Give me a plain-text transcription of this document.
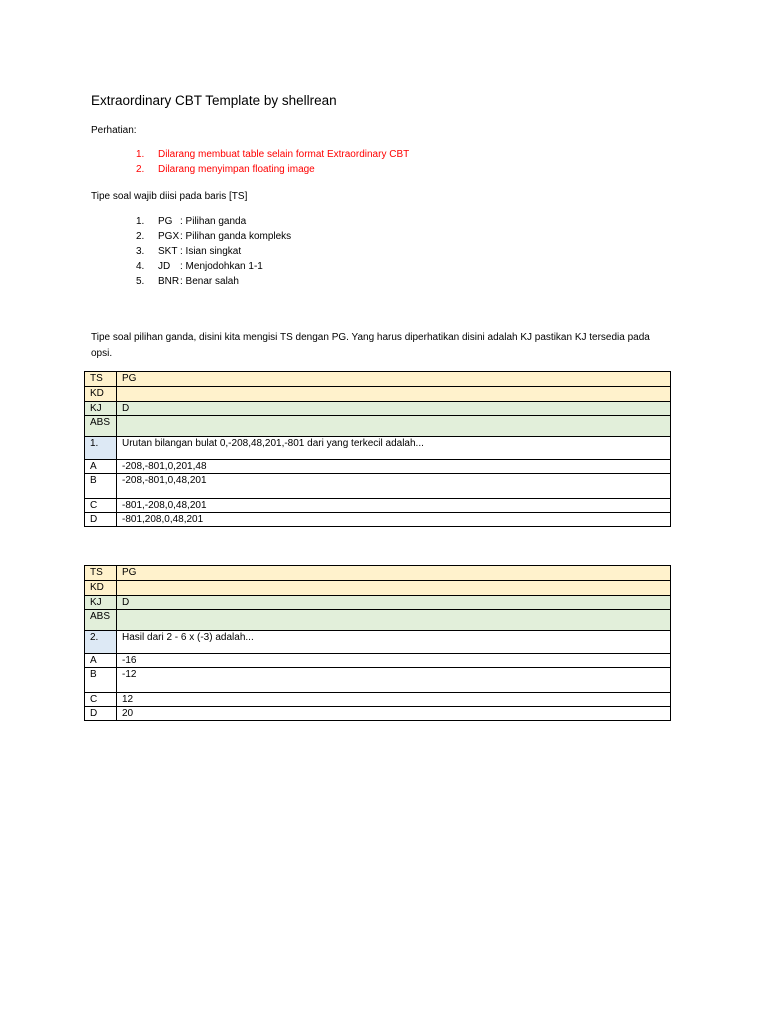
Extraordinary CBT Template by shellrean
Perhatian:
1. Dilarang membuat table selain format Extraordinary CBT
2. Dilarang menyimpan floating image
Tipe soal wajib diisi pada baris [TS]
1. PG : Pilihan ganda
2. PGX : Pilihan ganda kompleks
3. SKT : Isian singkat
4. JD : Menjodohkan 1-1
5. BNR : Benar salah
Tipe soal pilihan ganda, disini kita mengisi TS dengan PG. Yang harus diperhatikan disini adalah KJ pastikan KJ tersedia pada opsi.
TS	PG
KD	
KJ	D
ABS	
1.	Urutan bilangan bulat 0,-208,48,201,-801 dari yang terkecil adalah...
A	-208,-801,0,201,48
B	-208,-801,0,48,201
C	-801,-208,0,48,201
D	-801,208,0,48,201
TS	PG
KD	
KJ	D
ABS	
2.	Hasil dari 2 - 6 x (-3) adalah...
A	-16
B	-12
C	12
D	20
